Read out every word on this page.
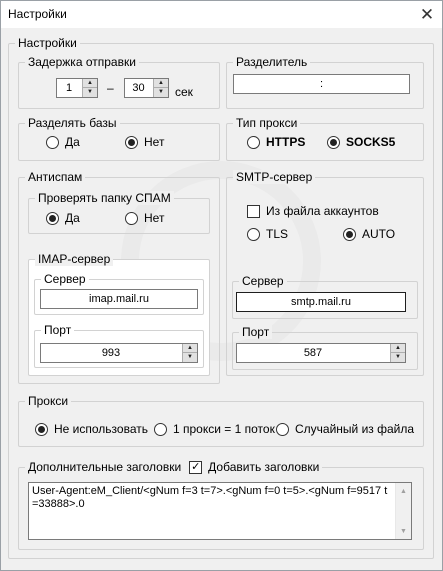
Настройки	✕
Настройки
Задержка отправки
1	▲
▼	–	30	▲
▼ сек
Разделитель
:
Разделять базы
Да	Нет
Тип прокси
HTTPS	SOCKS5
Антиспам
Проверять папку СПАМ
Да	Нет
IMAP-сервер
Сервер
imap.mail.ru
Порт
993	▲
▼
SMTP-сервер
Из файла аккаунтов
TLS	AUTO
Сервер
smtp.mail.ru
Порт
587	▲
▼
Прокси
Не использовать 1 прокси = 1 поток Случайный из файла
Дополнительные заголовки ✓ Добавить заголовки
User-Agent:eM_Client/<gNum f=3 t=7>.<gNum f=0 t=5>.<gNum f=9517 t=33888>.0
▲
▼
